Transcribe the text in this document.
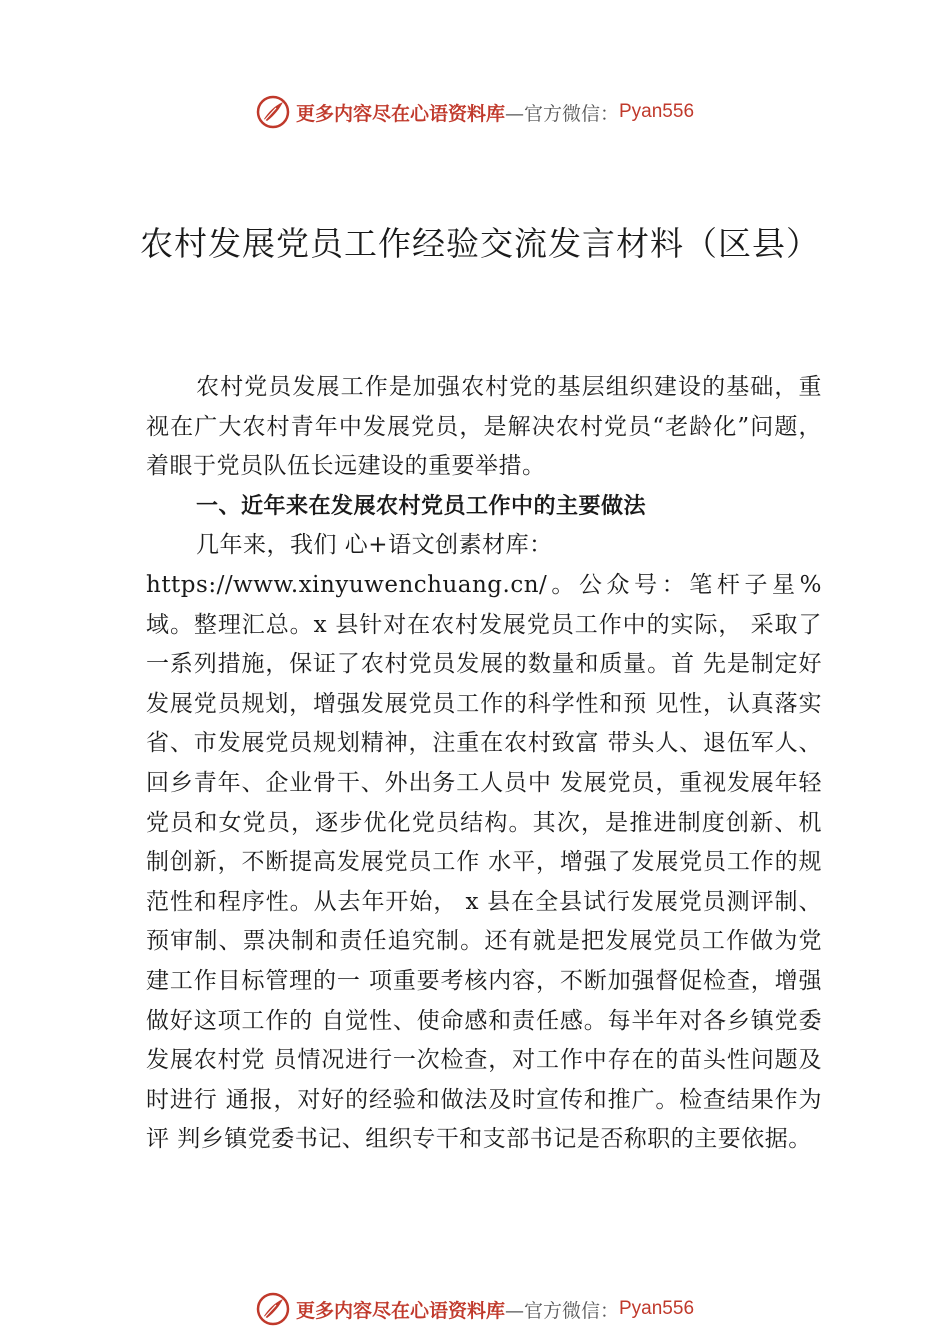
更多内容尽在心语资料库 —官方微信： Pyan556
农村发展党员工作经验交流发言材料（区县）

农村党员发展工作是加强农村党的基层组织建设的基础，重视在广大农村青年中发展党员，是解决农村党员“老龄化”问题，着眼于党员队伍长远建设的重要举措。

一、近年来在发展农村党员工作中的主要做法

几年来，我们 心+语文创素材库：

https://www.xinyuwenchuang.cn/。公众号：笔杆子星%域。整理汇总。x 县针对在农村发展党员工作中的实际， 采取了一系列措施，保证了农村党员发展的数量和质量。首 先是制定好发展党员规划，增强发展党员工作的科学性和预 见性，认真落实省、市发展党员规划精神，注重在农村致富 带头人、退伍军人、回乡青年、企业骨干、外出务工人员中 发展党员，重视发展年轻党员和女党员，逐步优化党员结构。其次，是推进制度创新、机制创新，不断提高发展党员工作 水平，增强了发展党员工作的规范性和程序性。从去年开始， x 县在全县试行发展党员测评制、预审制、票决制和责任追究制。还有就是把发展党员工作做为党建工作目标管理的一 项重要考核内容，不断加强督促检查，增强做好这项工作的 自觉性、使命感和责任感。每半年对各乡镇党委发展农村党 员情况进行一次检查，对工作中存在的苗头性问题及时进行 通报，对好的经验和做法及时宣传和推广。检查结果作为评 判乡镇党委书记、组织专干和支部书记是否称职的主要依据。

更多内容尽在心语资料库 —官方微信： Pyan556
